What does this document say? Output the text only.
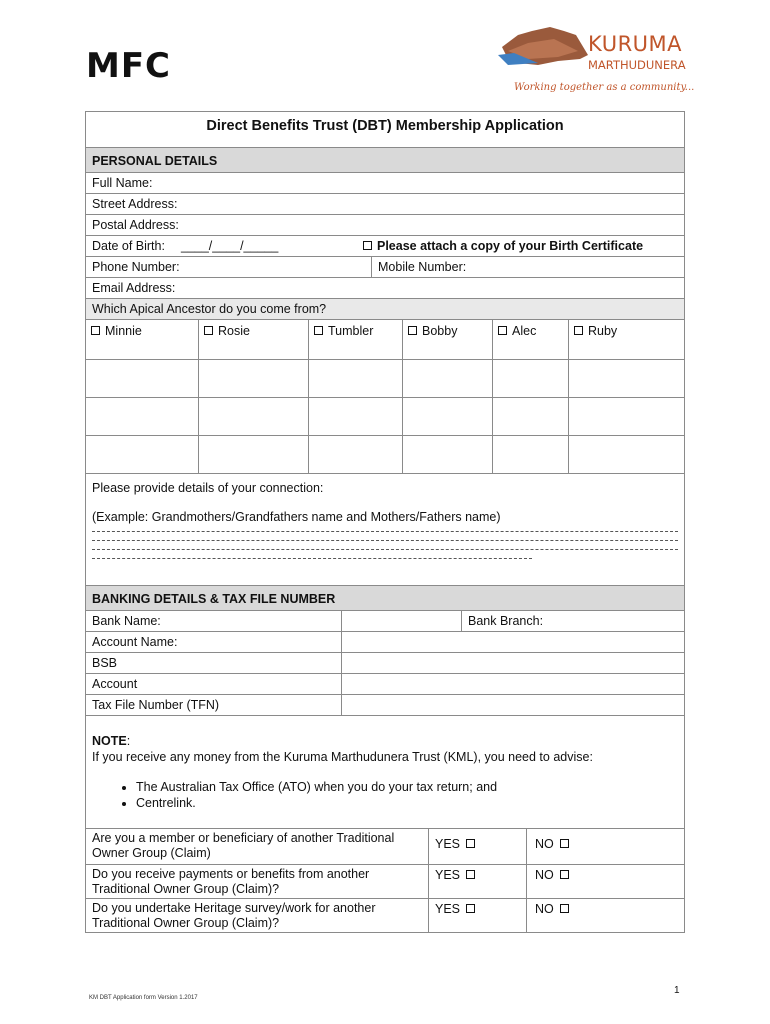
MFC
KURUMA
MARTHUDUNERA
Working together as a community...
Direct Benefits Trust (DBT) Membership Application
PERSONAL DETAILS
Full Name:
Street Address:
Postal Address:
Date of Birth: ____/____/_____	Please attach a copy of your Birth Certificate
Phone Number:	Mobile Number:
Email Address:
Which Apical Ancestor do you come from?
Minnie	Rosie	Tumbler	Bobby	Alec	Ruby
Please provide details of your connection:
(Example: Grandmothers/Grandfathers name and Mothers/Fathers name)
BANKING DETAILS & TAX FILE NUMBER
Bank Name:	Bank Branch:
Account Name:
BSB
Account
Tax File Number (TFN)
NOTE:
If you receive any money from the Kuruma Marthudunera Trust (KML), you need to advise:
• The Australian Tax Office (ATO) when you do your tax return; and
• Centrelink.
Are you a member or beneficiary of another Traditional Owner Group (Claim)
YES	NO
Do you receive payments or benefits from another Traditional Owner Group (Claim)?
YES	NO
Do you undertake Heritage survey/work for another Traditional Owner Group (Claim)?
YES	NO
1
KM DBT Application form Version 1.2017
